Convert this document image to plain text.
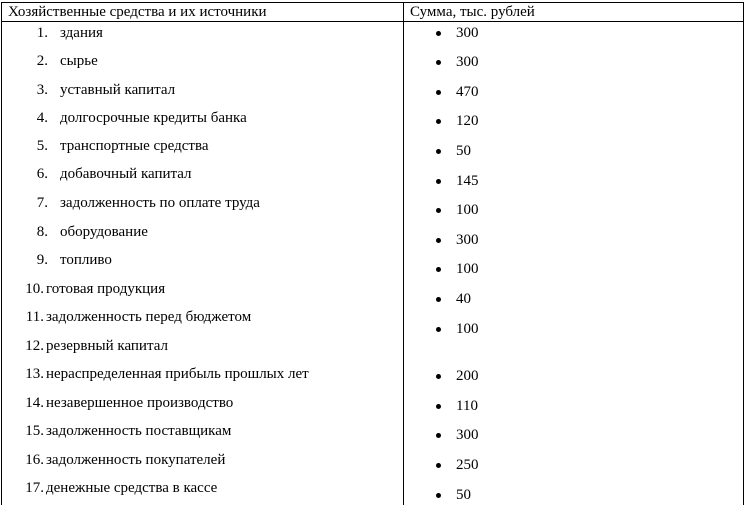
Хозяйственные средства и их источники	Сумма, тыс. рублей
1. здания
2. сырье
3. уставный капитал
4. долгосрочные кредиты банка
5. транспортные средства
6. добавочный капитал
7. задолженность по оплате труда
8. оборудование
9. топливо
10. готовая продукция
11. задолженность перед бюджетом
12. резервный капитал
13. нераспределенная прибыль прошлых лет
14. незавершенное производство
15. задолженность поставщикам
16. задолженность покупателей
17. денежные средства в кассе
300
300
470
120
50
145
100
300
100
40
100
200
110
300
250
50
